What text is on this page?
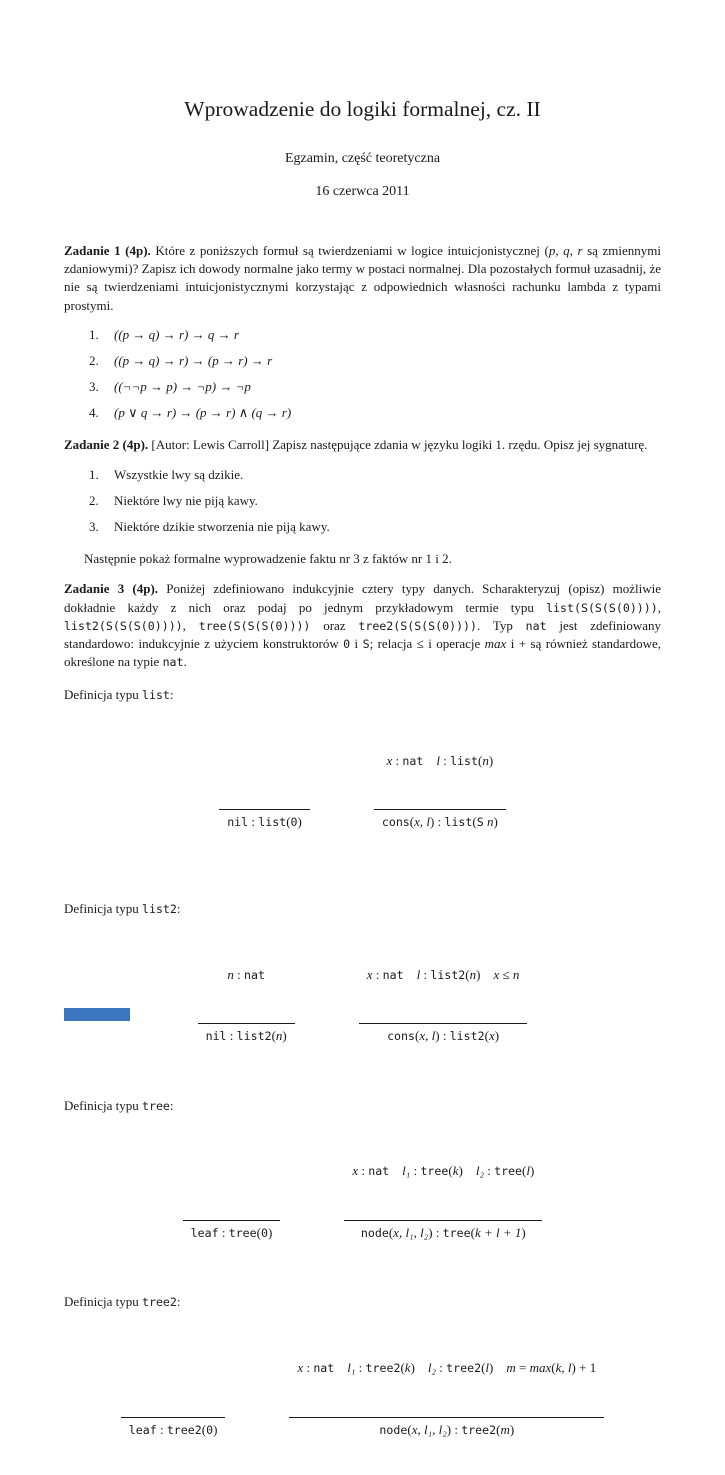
Wprowadzenie do logiki formalnej, cz. II
Egzamin, część teoretyczna
16 czerwca 2011

Zadanie 1 (4p). Które z poniższych formuł są twierdzeniami w logice intuicjonistycznej (p, q, r są zmiennymi zdaniowymi)? Zapisz ich dowody normalne jako termy w postaci normalnej. Dla pozostałych formuł uzasadnij, że nie są twierdzeniami intuicjonistycznymi korzystając z odpowiednich własności rachunku lambda z typami prostymi.

1.	((p → q) → r) → q → r
2.	((p → q) → r) → (p → r) → r
3.	((¬¬p → p) → ¬p) → ¬p
4.	(p ∨ q → r) → (p → r) ∧ (q → r)

Zadanie 2 (4p). [Autor: Lewis Carroll] Zapisz następujące zdania w języku logiki 1. rzędu. Opisz jej sygnaturę.

1.	Wszystkie lwy są dzikie.
2.	Niektóre lwy nie piją kawy.
3.	Niektóre dzikie stworzenia nie piją kawy.

Następnie pokaż formalne wyprowadzenie faktu nr 3 z faktów nr 1 i 2.

Zadanie 3 (4p). Poniżej zdefiniowano indukcyjnie cztery typy danych. Scharakteryzuj (opisz) możliwie dokładnie każdy z nich oraz podaj po jednym przykładowym termie typu list(S(S(S(0)))), list2(S(S(S(0)))), tree(S(S(S(0)))) oraz tree2(S(S(S(0)))). Typ nat jest zdefiniowany standardowo: indukcyjnie z użyciem konstruktorów 0 i S; relacja ≤ i operacje max i + są również standardowe, określone na typie nat.

Definicja typu list:

nil : list(0)

	$\frac{\text{x : nat  l : list(n)}}{\text{cons(x, l) : list(S n)}}$

Definicja typu list2:

$\frac{\text{n : nat}}{\text{nil : list2(n)}}$

	$\frac{\text{x : nat  l : list2(n)  x ≤ n}}{\text{cons(x, l) : list2(x)}}$

Definicja typu tree:

leaf : tree(0)

	$\frac{\text{x : nat  l₁ : tree(k)  l₂ : tree(l)}}{\text{node(x, l₁, l₂) : tree(k + l + 1)}}$

Definicja typu tree2:

leaf : tree2(0)

	$\frac{\text{x : nat  l₁ : tree2(k)  l₂ : tree2(l)  m = max(k, l) + 1}}{\text{node(x, l₁, l₂) : tree2(m)}}$
